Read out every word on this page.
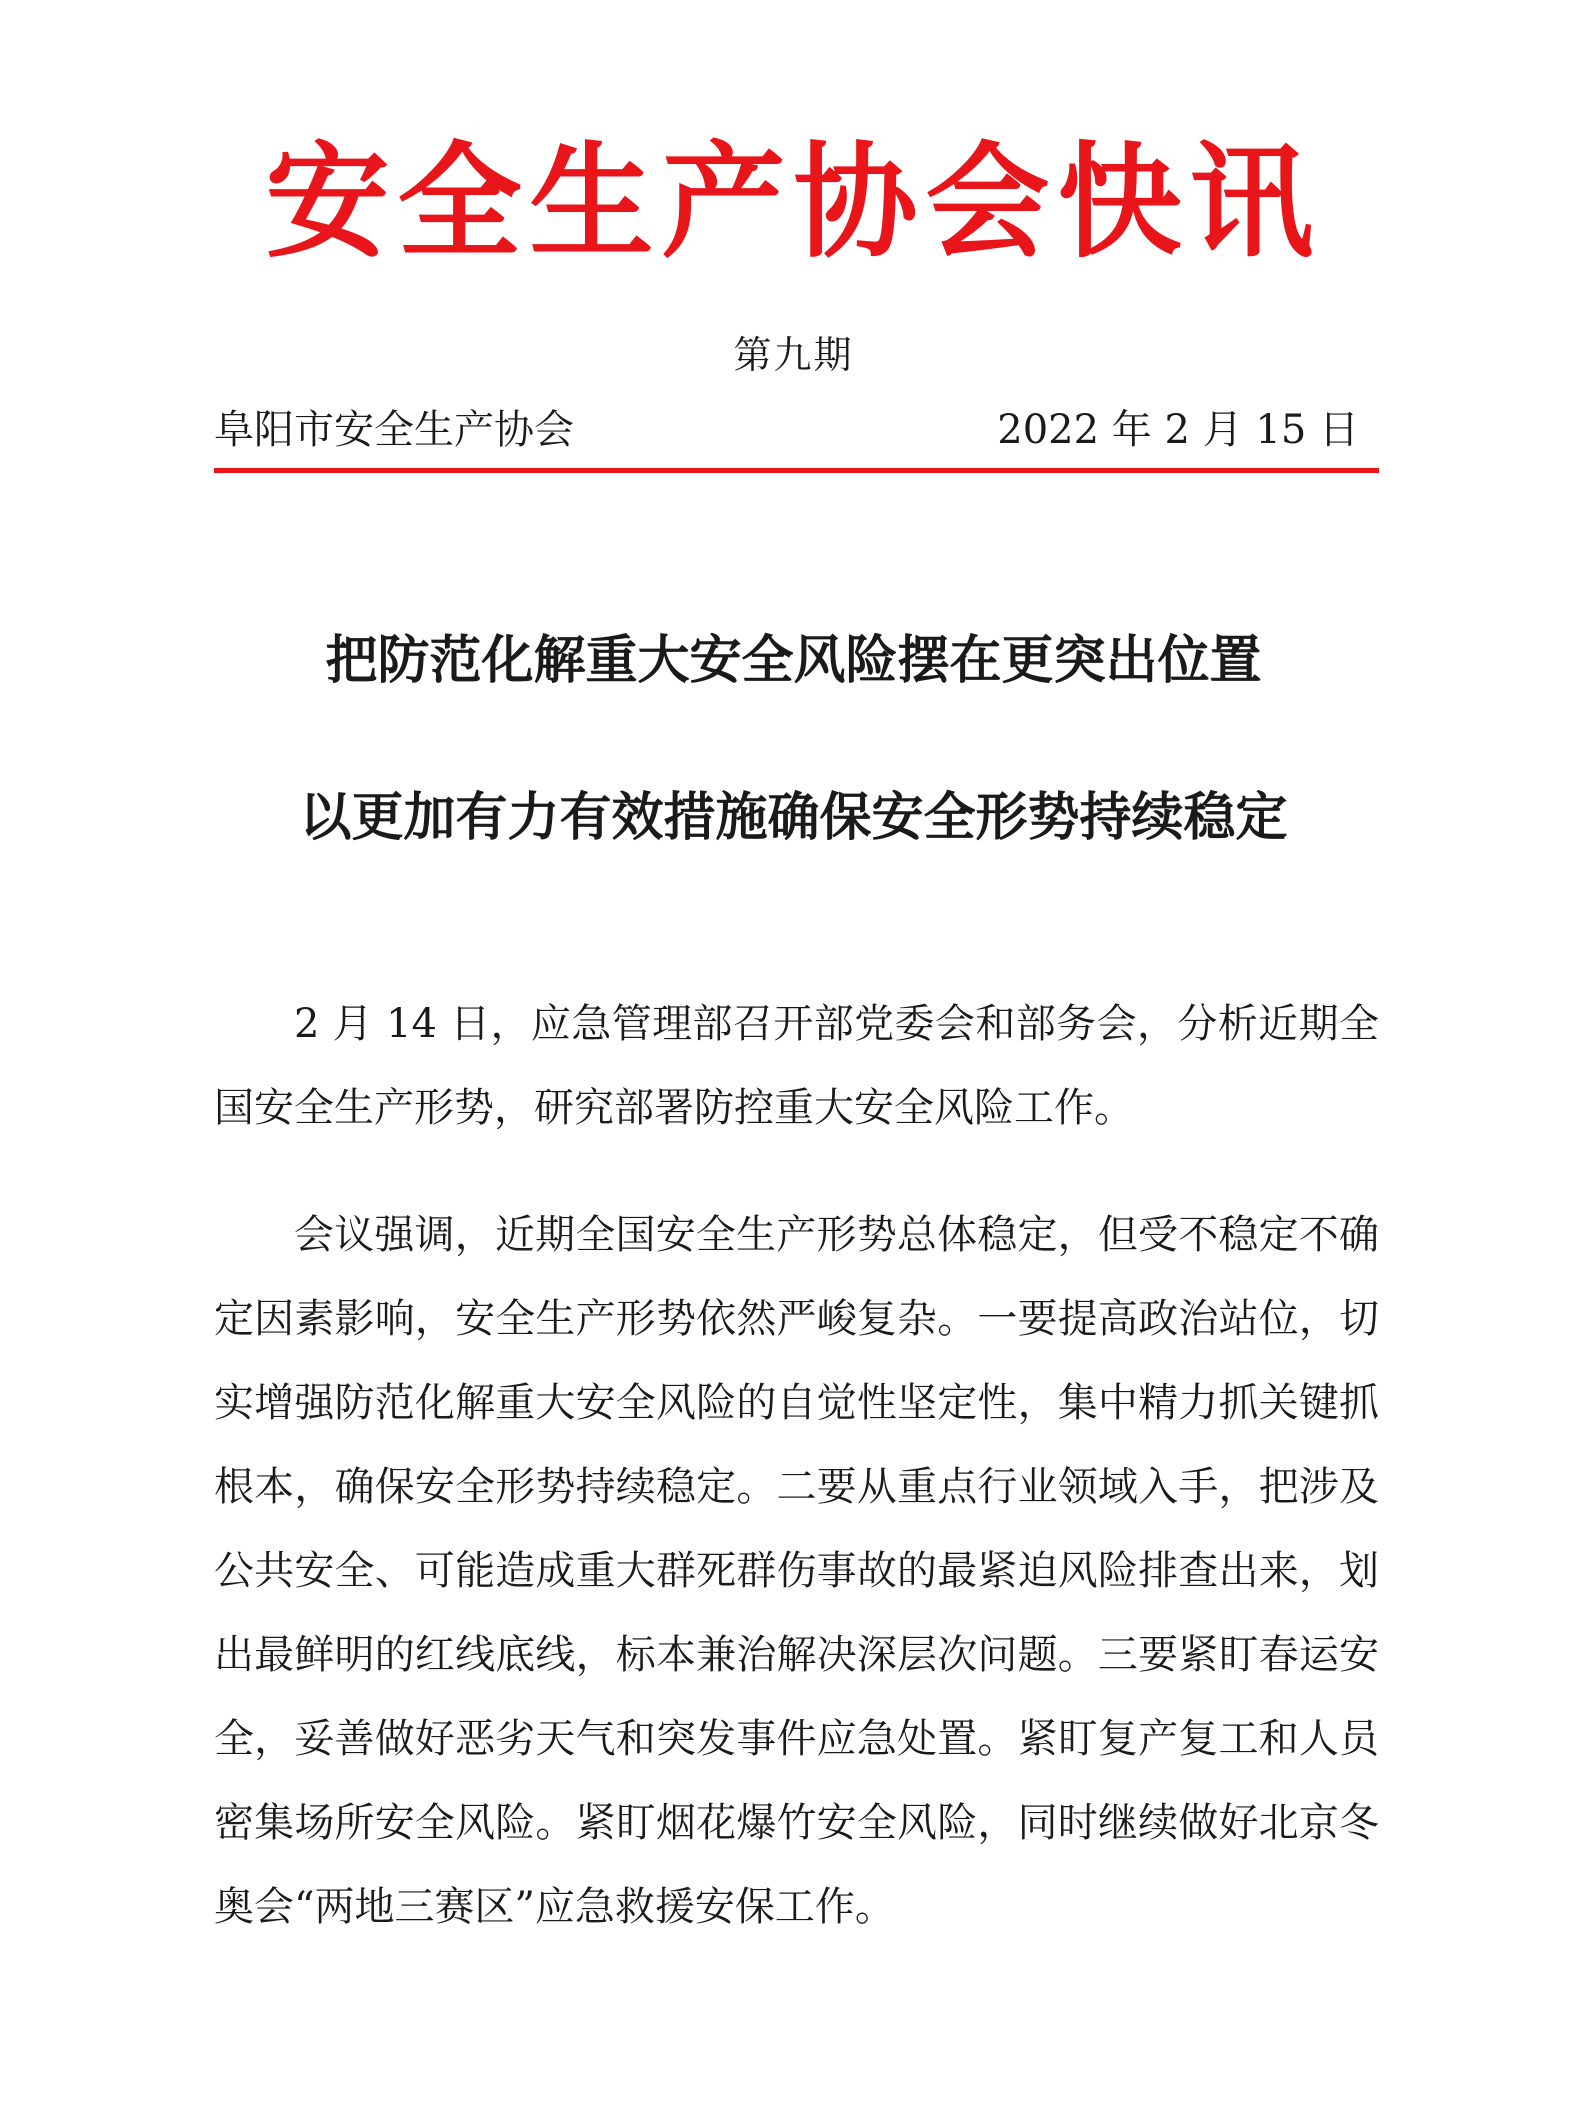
安全生产协会快讯
第九期
阜阳市安全生产协会	2022 年 2 月 15 日
把防范化解重大安全风险摆在更突出位置
以更加有力有效措施确保安全形势持续稳定

2 月 14 日，应急管理部召开部党委会和部务会，分析近期全国安全生产形势，研究部署防控重大安全风险工作。

会议强调，近期全国安全生产形势总体稳定，但受不稳定不确定因素影响，安全生产形势依然严峻复杂。一要提高政治站位，切实增强防范化解重大安全风险的自觉性坚定性，集中精力抓关键抓根本，确保安全形势持续稳定。二要从重点行业领域入手，把涉及公共安全、可能造成重大群死群伤事故的最紧迫风险排查出来，划出最鲜明的红线底线，标本兼治解决深层次问题。三要紧盯春运安全，妥善做好恶劣天气和突发事件应急处置。紧盯复产复工和人员密集场所安全风险。紧盯烟花爆竹安全风险，同时继续做好北京冬奥会“两地三赛区”应急救援安保工作。
